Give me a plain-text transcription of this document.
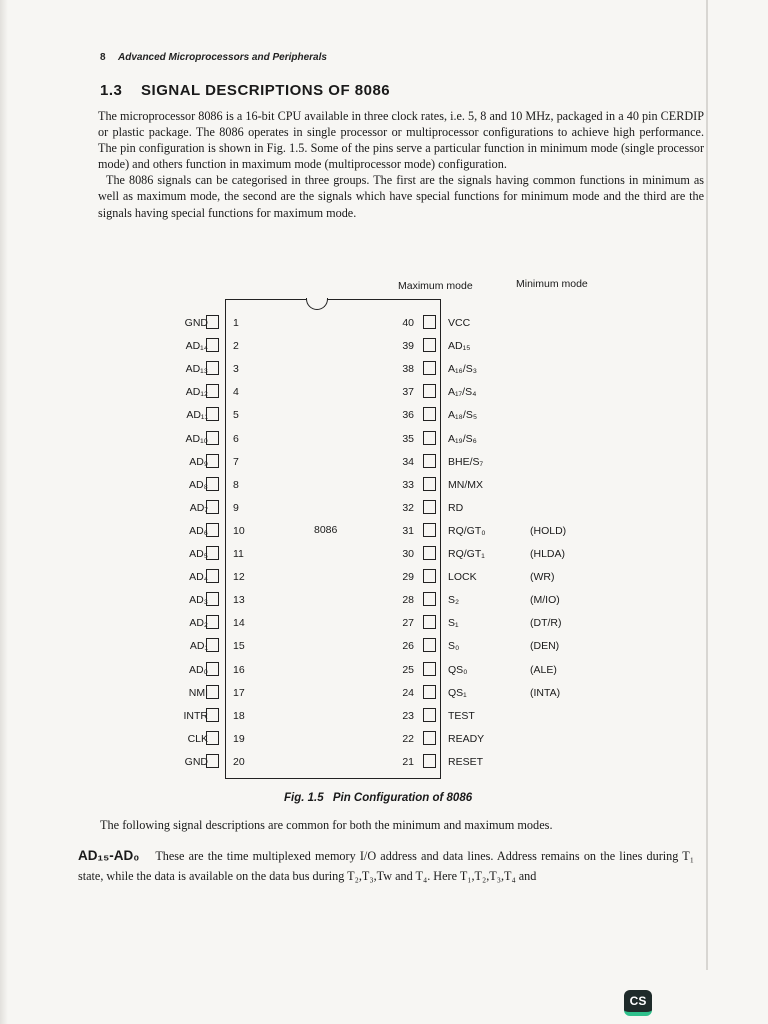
8 Advanced Microprocessors and Peripherals
1.3 SIGNAL DESCRIPTIONS OF 8086

The microprocessor 8086 is a 16-bit CPU available in three clock rates, i.e. 5, 8 and 10 MHz, packaged in a 40 pin CERDIP or plastic package. The 8086 operates in single processor or multiprocessor configurations to achieve high performance. The pin configuration is shown in Fig. 1.5. Some of the pins serve a particular function in minimum mode (single processor mode) and others function in maximum mode (multiprocessor mode) configuration.

The 8086 signals can be categorised in three groups. The first are the signals having common functions in minimum as well as maximum mode, the second are the signals which have special functions for minimum mode and the third are the signals having special functions for maximum mode.

Maximum mode	Minimum mode
8086
GND 1	40	VCC
AD₁₄ 2	39	AD₁₅
AD₁₃ 3	38	A₁₆/S₃
AD₁₂ 4	37	A₁₇/S₄
AD₁₁ 5	36	A₁₈/S₅
AD₁₀ 6	35	A₁₉/S₆
AD₉ 7	34	BHE/S₇
AD₈ 8	33	MN/MX
AD₇ 9	32	RD
AD₆ 10	31	RQ/GT₀	(HOLD)
AD₅ 11	30	RQ/GT₁	(HLDA)
AD₄ 12	29	LOCK	(WR)
AD₃ 13	28	S₂	(M/IO)
AD₂ 14	27	S₁	(DT/R)
AD₁ 15	26	S₀	(DEN)
AD₀ 16	25	QS₀	(ALE)
NMI 17	24	QS₁	(INTA)
INTR 18	23	TEST
CLK 19	22	READY
GND 20	21	RESET
Fig. 1.5 Pin Configuration of 8086
The following signal descriptions are common for both the minimum and maximum modes.
AD₁₅-AD₀ These are the time multiplexed memory I/O address and data lines. Address remains on the lines during T₁ state, while the data is available on the data bus during T₂,T₃,Tw and T₄. Here T₁,T₂,T₃,T₄ and
CS
